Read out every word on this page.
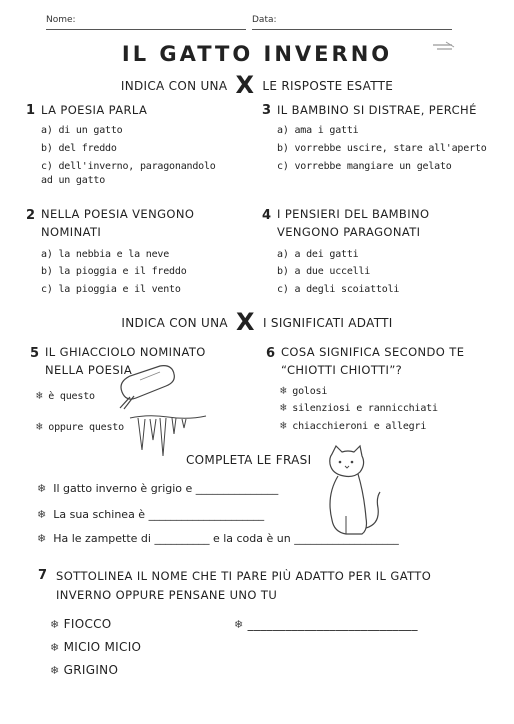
Nome:	Data:
IL GATTO INVERNO
INDICA CON UNA X LE RISPOSTE ESATTE
1 LA POESIA PARLA
a) di un gatto
b) del freddo
c) dell'inverno, paragonandolo
ad un gatto
3 IL BAMBINO SI DISTRAE, PERCHÉ
a) ama i gatti
b) vorrebbe uscire, stare all'aperto
c) vorrebbe mangiare un gelato
2 NELLA POESIA VENGONO
NOMINATI
a) la nebbia e la neve
b) la pioggia e il freddo
c) la pioggia e il vento
4 I PENSIERI DEL BAMBINO
VENGONO PARAGONATI
a) a dei gatti
b) a due uccelli
c) a degli scoiattoli
INDICA CON UNA X I SIGNIFICATI ADATTI
5 IL GHIACCIOLO NOMINATO
NELLA POESIA
❄ è questo
❄ oppure questo
6 COSA SIGNIFICA SECONDO TE
“CHIOTTI CHIOTTI”?
❄ golosi
❄ silenziosi e rannicchiati
❄ chiacchieroni e allegri
COMPLETA LE FRASI
❄ Il gatto inverno è grigio e _______________
❄ La sua schinea è _____________________
❄ Ha le zampette di __________ e la coda è un ___________________
7 SOTTOLINEA IL NOME CHE TI PARE PIÙ ADATTO PER IL GATTO
INVERNO OPPURE PENSANE UNO TU
❄ FIOCCO
❄ MICIO MICIO
❄ GRIGINO
❄ ___________________________
